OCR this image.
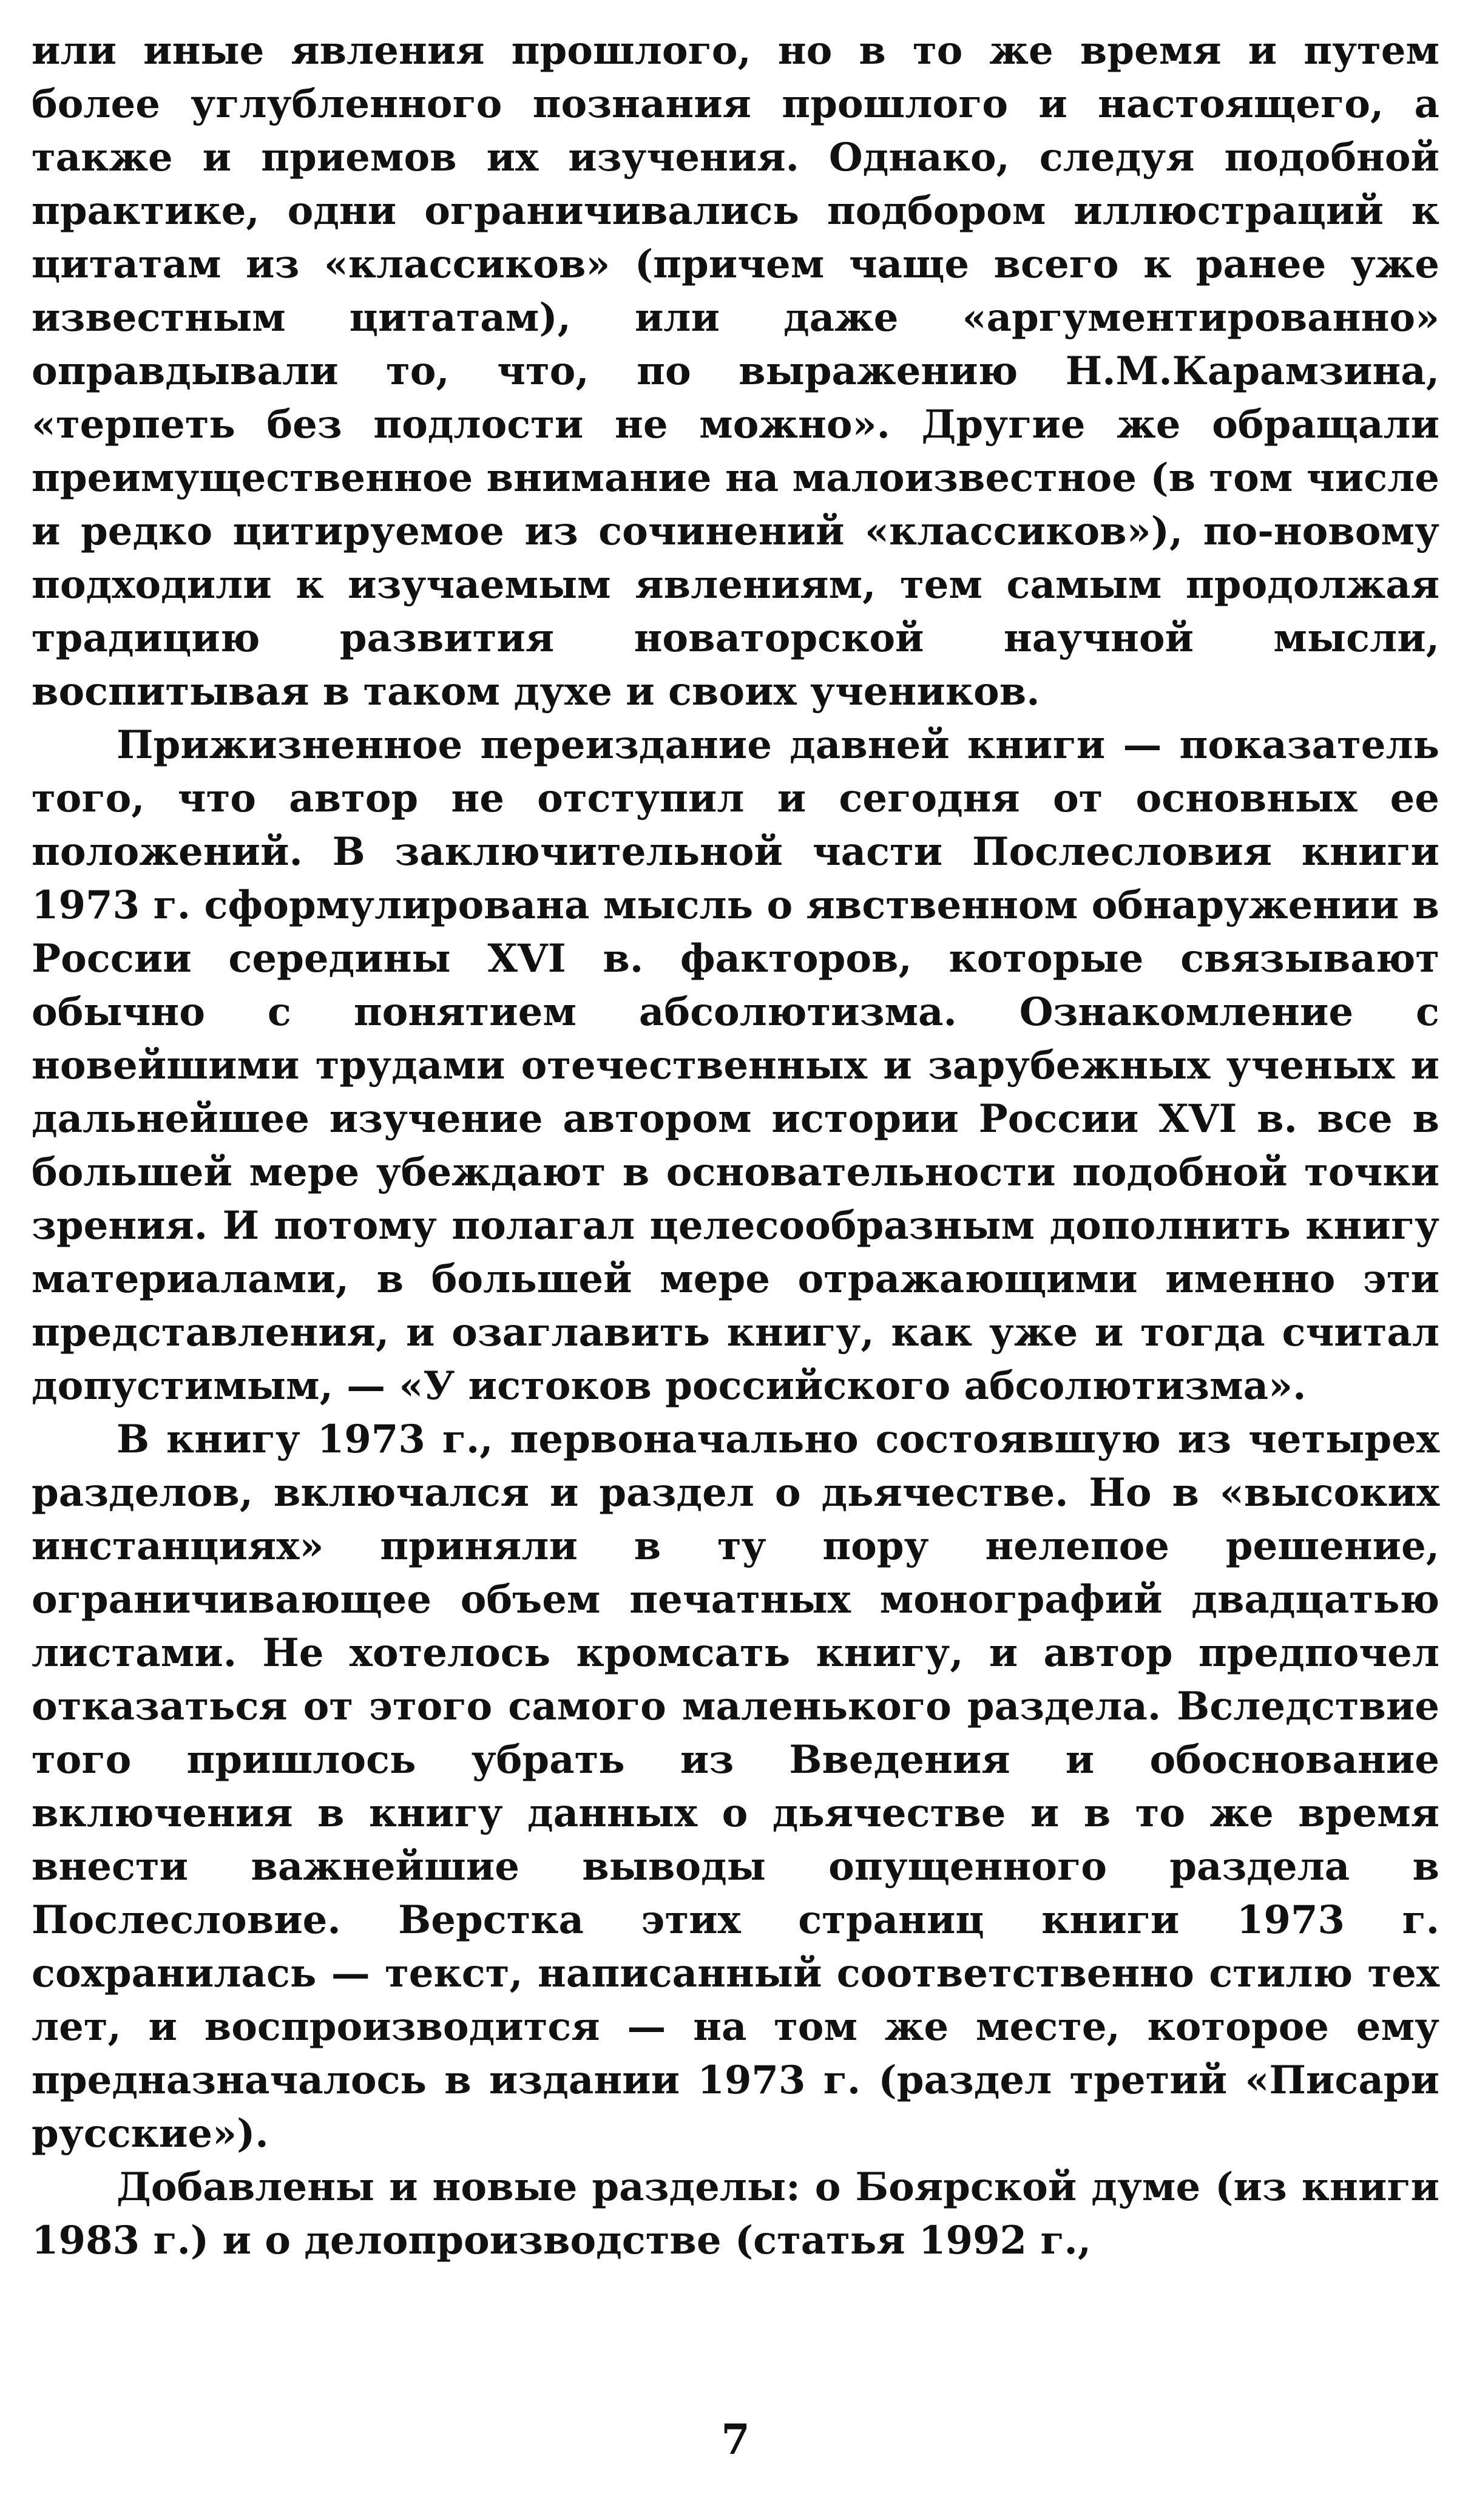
или иные явления прошлого, но в то же время и путем более углубленного познания прошлого и настоящего, а также и приемов их изучения. Однако, следуя подобной практике, одни ограничивались подбором иллюстраций к цитатам из «классиков» (причем чаще всего к ранее уже известным цитатам), или даже «аргументированно» оправдывали то, что, по выражению Н.М.Карамзина, «терпеть без подлости не можно». Другие же обращали преимущественное внимание на малоизвестное (в том числе и редко цитируемое из сочинений «классиков»), по-новому подходили к изучаемым явлениям, тем самым продолжая традицию развития новаторской научной мысли, воспитывая в таком духе и своих учеников.

Прижизненное переиздание давней книги — показатель того, что автор не отступил и сегодня от основных ее положений. В заключительной части Послесловия книги 1973 г. сформулирована мысль о явственном обнаружении в России середины XVI в. факторов, которые связывают обычно с понятием абсолютизма. Ознакомление с новейшими трудами отечественных и зарубежных ученых и дальнейшее изучение автором истории России XVI в. все в большей мере убеждают в основательности подобной точки зрения. И потому полагал целесообразным дополнить книгу материалами, в большей мере отражающими именно эти представления, и озаглавить книгу, как уже и тогда считал допустимым, — «У истоков российского абсолютизма».

В книгу 1973 г., первоначально состоявшую из четырех разделов, включался и раздел о дьячестве. Но в «высоких инстанциях» приняли в ту пору нелепое решение, ограничивающее объем печатных монографий двадцатью листами. Не хотелось кромсать книгу, и автор предпочел отказаться от этого самого маленького раздела. Вследствие того пришлось убрать из Введения и обоснование включения в книгу данных о дьячестве и в то же время внести важнейшие выводы опущенного раздела в Послесловие. Верстка этих страниц книги 1973 г. сохранилась — текст, написанный соответственно стилю тех лет, и воспроизводится — на том же месте, которое ему предназначалось в издании 1973 г. (раздел третий «Писари русские»).

Добавлены и новые разделы: о Боярской думе (из книги 1983 г.) и о делопроизводстве (статья 1992 г.,

7
